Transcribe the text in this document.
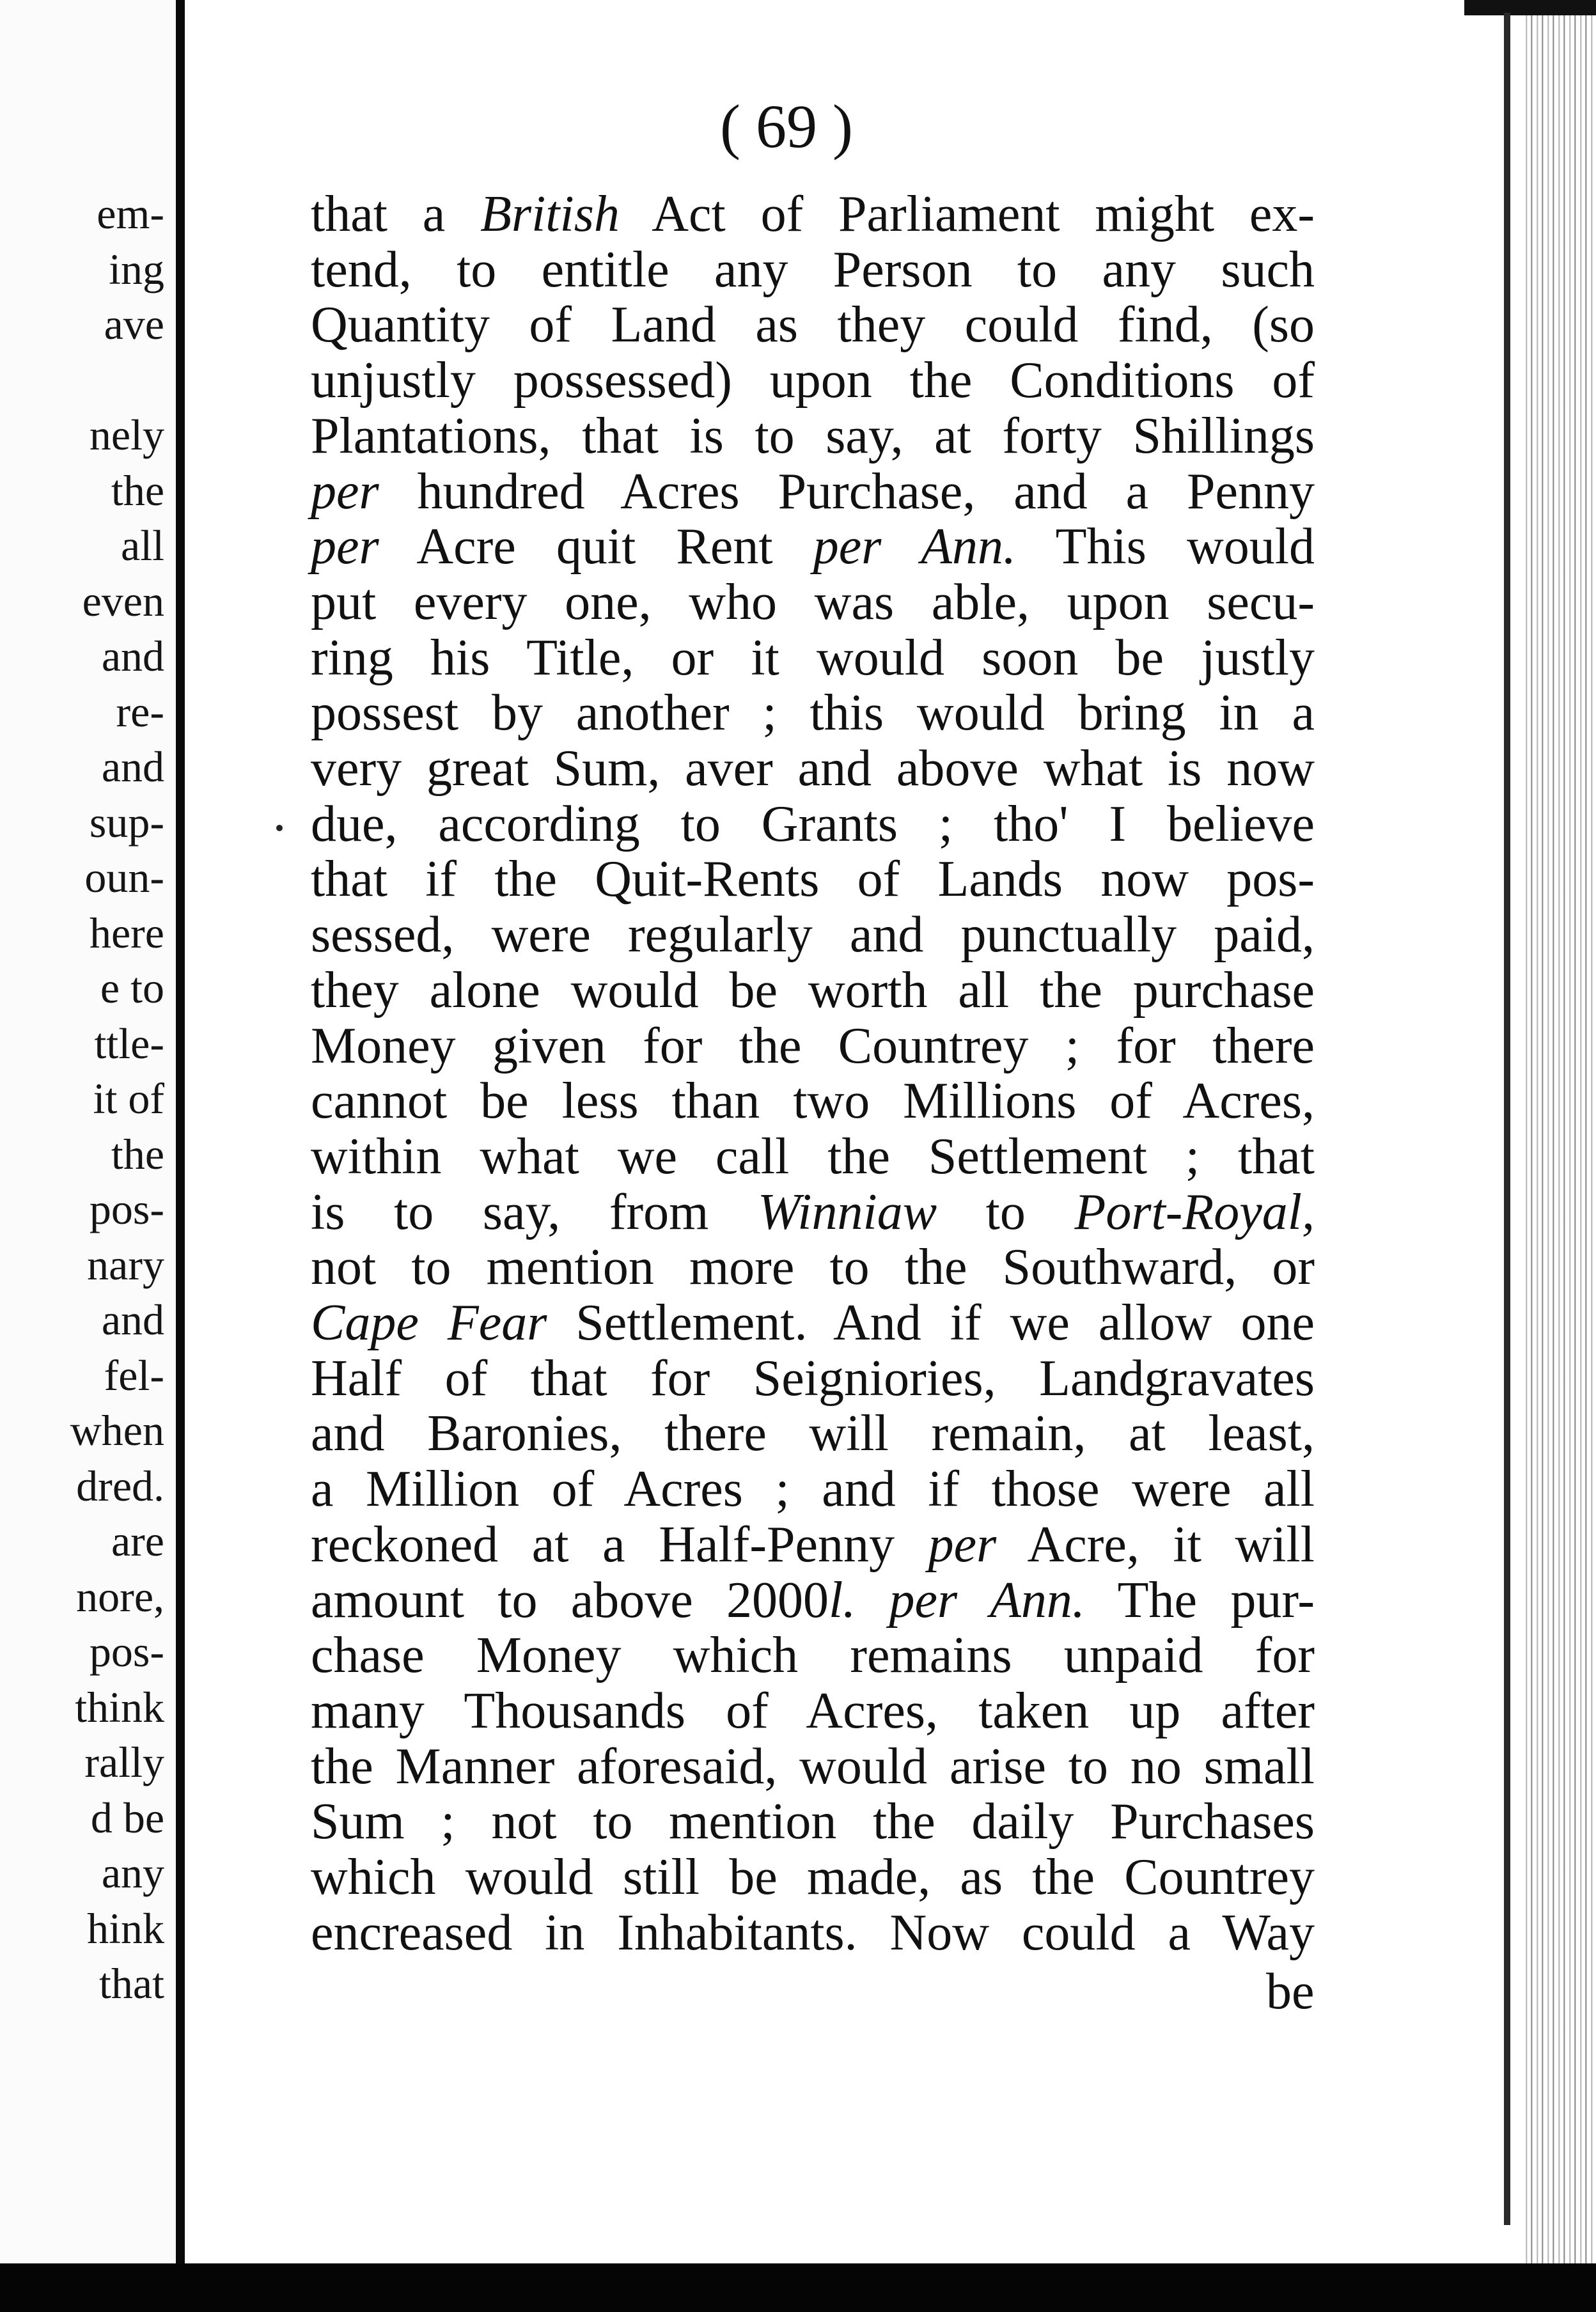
em-
ing
ave
nely
the
all
even
and
re-
and
sup-
oun-
here
e to
ttle-
it of
the
pos-
nary
and
fel-
when
dred.
are
nore,
pos-
think
rally
d be
any
hink
that
( 69 )
that a British Act of Parliament might ex-
tend, to entitle any Person to any such
Quantity of Land as they could find, (so
unjustly possessed) upon the Conditions of
Plantations, that is to say, at forty Shillings
per hundred Acres Purchase, and a Penny
per Acre quit Rent per Ann. This would
put every one, who was able, upon secu-
ring his Title, or it would soon be justly
possest by another ; this would bring in a
very great Sum, aver and above what is now
due, according to Grants ; tho' I believe
that if the Quit-Rents of Lands now pos-
sessed, were regularly and punctually paid,
they alone would be worth all the purchase
Money given for the Countrey ; for there
cannot be less than two Millions of Acres,
within what we call the Settlement ; that
is to say, from Winniaw to Port-Royal,
not to mention more to the Southward, or
Cape Fear Settlement. And if we allow one
Half of that for Seigniories, Landgravates
and Baronies, there will remain, at least,
a Million of Acres ; and if those were all
reckoned at a Half-Penny per Acre, it will
amount to above 2000l. per Ann. The pur-
chase Money which remains unpaid for
many Thousands of Acres, taken up after
the Manner aforesaid, would arise to no small
Sum ; not to mention the daily Purchases
which would still be made, as the Countrey
encreased in Inhabitants. Now could a Way
be
